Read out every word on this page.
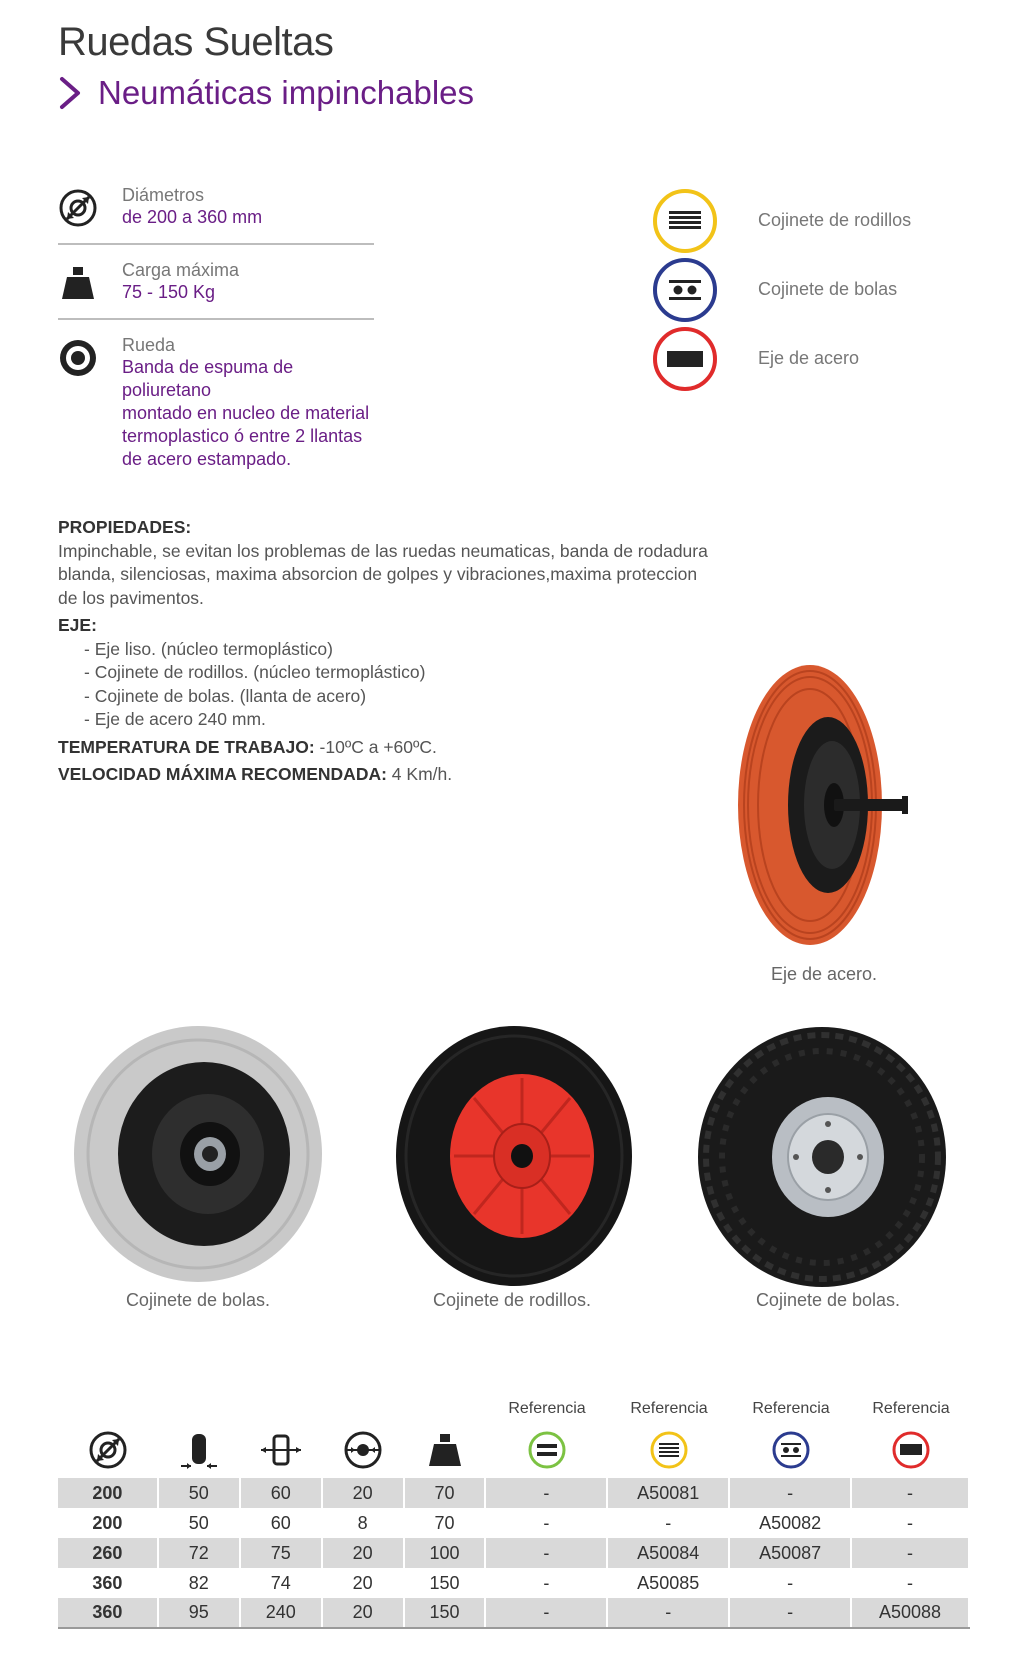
Ruedas Sueltas
Neumáticas impinchables
Diámetros
de 200 a 360 mm
Carga máxima
75 - 150 Kg
Rueda
Banda de espuma de poliuretano
montado en nucleo de material
termoplastico ó entre 2 llantas
de acero estampado.
Cojinete de rodillos
Cojinete de bolas
Eje de acero

PROPIEDADES:

Impinchable, se evitan los problemas de las ruedas neumaticas, banda de rodadura

blanda, silenciosas, maxima absorcion de golpes y vibraciones,maxima proteccion

de los pavimentos.

EJE:

- Eje liso. (núcleo termoplástico)

- Cojinete de rodillos. (núcleo termoplástico)

- Cojinete de bolas. (llanta de acero)

- Eje de acero 240 mm.

TEMPERATURA DE TRABAJO: -10ºC a +60ºC.

VELOCIDAD MÁXIMA RECOMENDADA: 4 Km/h.

Eje de acero.
Cojinete de bolas.	Cojinete de rodillos.	Cojinete de bolas.
Referencia	Referencia	Referencia	Referencia
200	50	60	20	70	-	A50081	-	-
200	50	60	8	70	-	-	A50082	-
260	72	75	20	100	-	A50084	A50087	-
360	82	74	20	150	-	A50085	-	-
360	95	240	20	150	-	-	-	A50088
